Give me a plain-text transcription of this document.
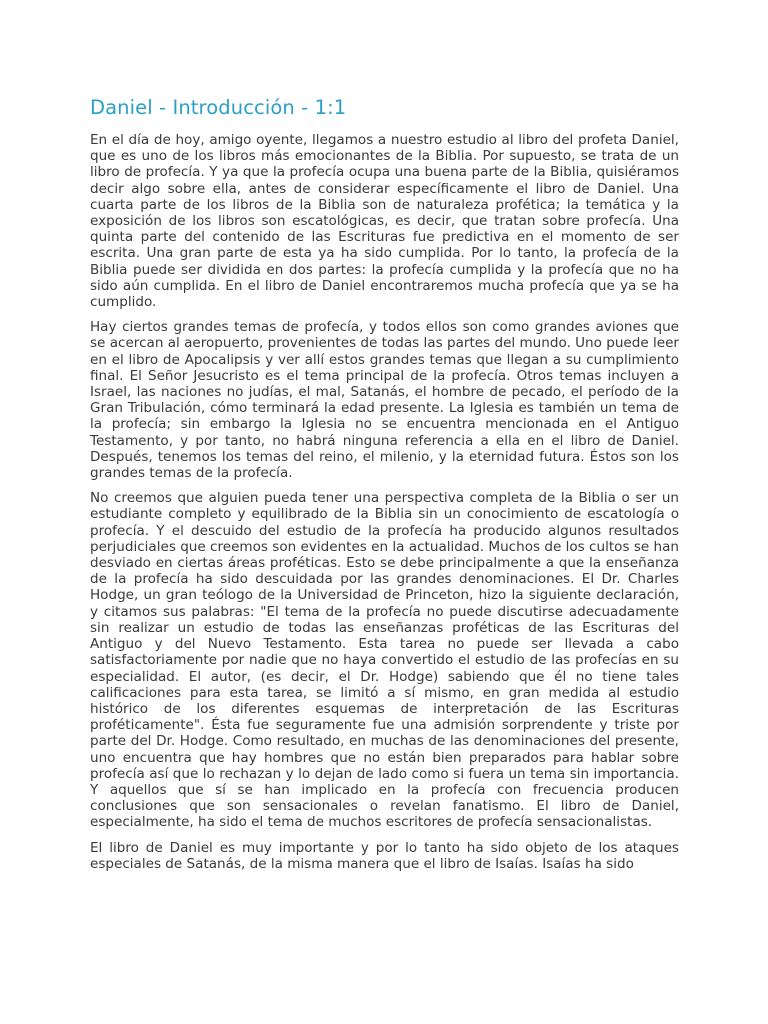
Daniel - Introducción - 1:1

En el día de hoy, amigo oyente, llegamos a nuestro estudio al libro del profeta Daniel, que es uno de los libros más emocionantes de la Biblia. Por supuesto, se trata de un libro de profecía. Y ya que la profecía ocupa una buena parte de la Biblia, quisiéramos decir algo sobre ella, antes de considerar específicamente el libro de Daniel. Una cuarta parte de los libros de la Biblia son de naturaleza profética; la temática y la exposición de los libros son escatológicas, es decir, que tratan sobre profecía. Una quinta parte del contenido de las Escrituras fue predictiva en el momento de ser escrita. Una gran parte de esta ya ha sido cumplida. Por lo tanto, la profecía de la Biblia puede ser dividida en dos partes: la profecía cumplida y la profecía que no ha sido aún cumplida. En el libro de Daniel encontraremos mucha profecía que ya se ha cumplido.

Hay ciertos grandes temas de profecía, y todos ellos son como grandes aviones que se acercan al aeropuerto, provenientes de todas las partes del mundo. Uno puede leer en el libro de Apocalipsis y ver allí estos grandes temas que llegan a su cumplimiento final. El Señor Jesucristo es el tema principal de la profecía. Otros temas incluyen a Israel, las naciones no judías, el mal, Satanás, el hombre de pecado, el período de la Gran Tribulación, cómo terminará la edad presente. La Iglesia es también un tema de la profecía; sin embargo la Iglesia no se encuentra mencionada en el Antiguo Testamento, y por tanto, no habrá ninguna referencia a ella en el libro de Daniel. Después, tenemos los temas del reino, el milenio, y la eternidad futura. Éstos son los grandes temas de la profecía.

No creemos que alguien pueda tener una perspectiva completa de la Biblia o ser un estudiante completo y equilibrado de la Biblia sin un conocimiento de escatología o profecía. Y el descuido del estudio de la profecía ha producido algunos resultados perjudiciales que creemos son evidentes en la actualidad. Muchos de los cultos se han desviado en ciertas áreas proféticas. Esto se debe principalmente a que la enseñanza de la profecía ha sido descuidada por las grandes denominaciones. El Dr. Charles Hodge, un gran teólogo de la Universidad de Princeton, hizo la siguiente declaración, y citamos sus palabras: "El tema de la profecía no puede discutirse adecuadamente sin realizar un estudio de todas las enseñanzas proféticas de las Escrituras del Antiguo y del Nuevo Testamento. Esta tarea no puede ser llevada a cabo satisfactoriamente por nadie que no haya convertido el estudio de las profecías en su especialidad. El autor, (es decir, el Dr. Hodge) sabiendo que él no tiene tales calificaciones para esta tarea, se limitó a sí mismo, en gran medida al estudio histórico de los diferentes esquemas de interpretación de las Escrituras proféticamente". Ésta fue seguramente fue una admisión sorprendente y triste por parte del Dr. Hodge. Como resultado, en muchas de las denominaciones del presente, uno encuentra que hay hombres que no están bien preparados para hablar sobre profecía así que lo rechazan y lo dejan de lado como si fuera un tema sin importancia. Y aquellos que sí se han implicado en la profecía con frecuencia producen conclusiones que son sensacionales o revelan fanatismo. El libro de Daniel, especialmente, ha sido el tema de muchos escritores de profecía sensacionalistas.

El libro de Daniel es muy importante y por lo tanto ha sido objeto de los ataques especiales de Satanás, de la misma manera que el libro de Isaías. Isaías ha sido
